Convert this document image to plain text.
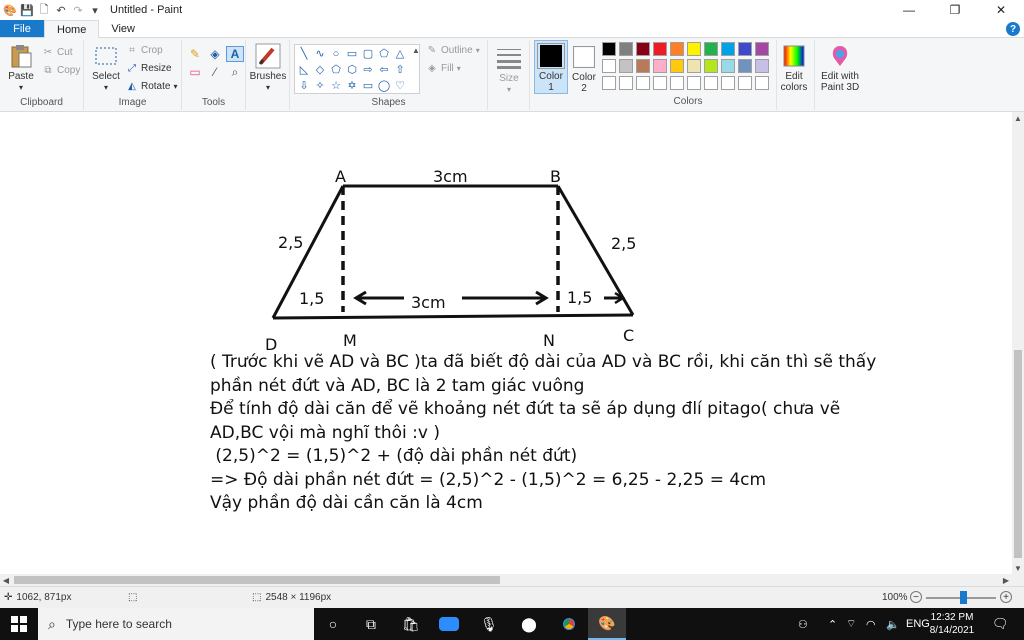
🎨 💾 🗋 ↶ ↷ ▾	Untitled - Paint	—	❐	✕
File	Home	View	?
Paste
▾
✂ Cut
⧉ Copy
Clipboard
Select
▾
⌗ Crop
⤢ Resize
◭ Rotate ▾
Image
✎ ◈ A
▭	⁄	⌕
Tools
Brushes
▾
╲ ∿ ○ ▭ ▢ ⬠ △
◺ ◇ ⬠ ⬡ ⇨ ⇦ ⇧
⇩ ✧ ☆ ✡ ▭ ◯ ♡
▲ ✎ Outline ▾
◈ Fill ▾
Shapes
Size
▾
Color
1
Color
2
Colors
Edit
colors
Edit with
Paint 3D
A	B
C
D	M	N
3cm
2,5	2,5
1,5	1,5
3cm
( Trước khi vẽ AD và BC )ta đã biết độ dài của AD và BC rồi, khi căn thì sẽ thấy
phần nét đứt và AD, BC là 2 tam giác vuông
Để tính độ dài căn để vẽ khoảng nét đứt ta sẽ áp dụng đlí pitago( chưa vẽ
AD,BC vội mà nghĩ thôi :v )
(2,5)^2 = (1,5)^2 + (độ dài phần nét đứt)
=> Độ dài phần nét đứt = (2,5)^2 - (1,5)^2 = 6,25 - 2,25 = 4cm
Vậy phần độ dài cần căn là 4cm
▲
▼
◀	▶
✛ 1062, 871px	⬚	⬚ 2548 × 1196px	100% −	+
⌕ Type here to search	○	⧉	🛍	🎙	⬤	🎨	⚇ ⌃ ⌔ ◠ 🔈 ENG
12:32 PM
8/14/2021	🗨
